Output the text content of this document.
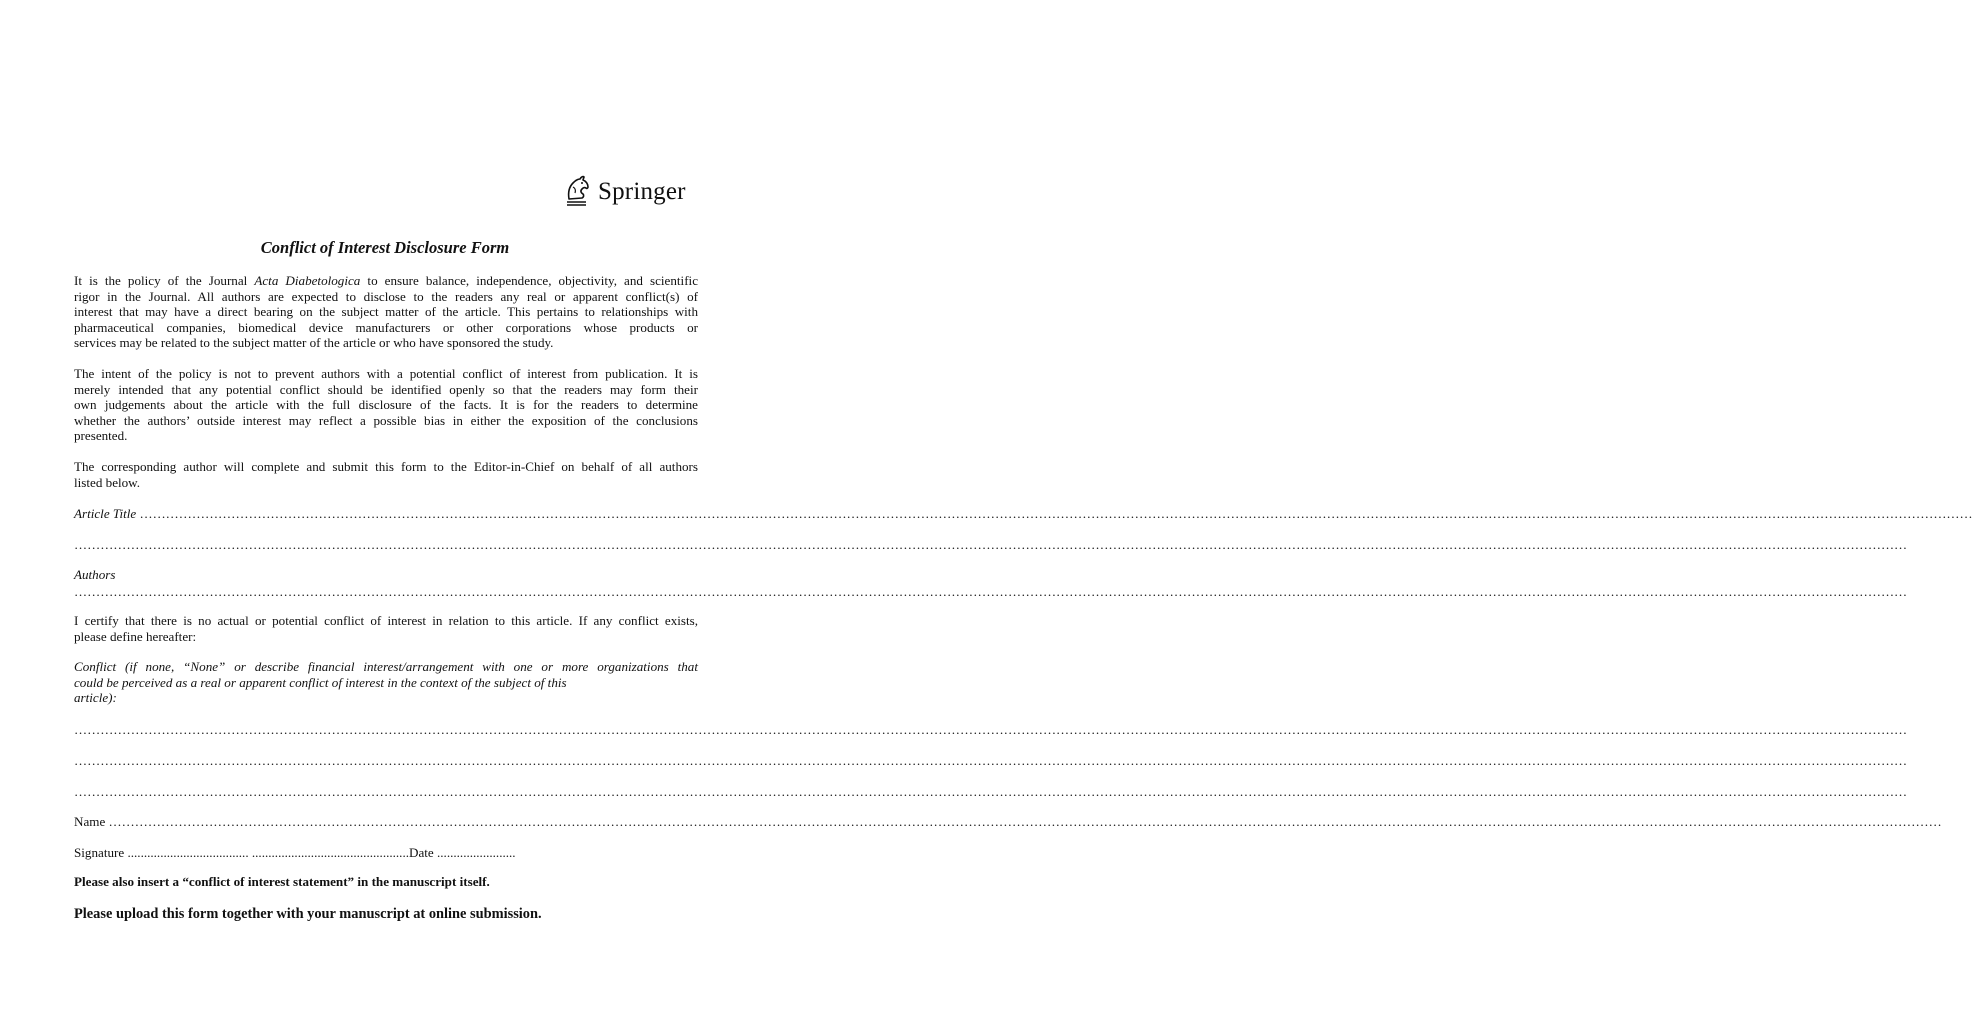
Springer
Conflict of Interest Disclosure Form
It is the policy of the Journal Acta Diabetologica to ensure balance, independence, objectivity, and scientific
rigor in the Journal. All authors are expected to disclose to the readers any real or apparent conflict(s) of
interest that may have a direct bearing on the subject matter of the article. This pertains to relationships with
pharmaceutical companies, biomedical device manufacturers or other corporations whose products or
services may be related to the subject matter of the article or who have sponsored the study.
The intent of the policy is not to prevent authors with a potential conflict of interest from publication. It is
merely intended that any potential conflict should be identified openly so that the readers may form their
own judgements about the article with the full disclosure of the facts. It is for the readers to determine
whether the authors’ outside interest may reflect a possible bias in either the exposition of the conclusions
presented.
The corresponding author will complete and submit this form to the Editor-in-Chief on behalf of all authors
listed below.
Article Title ……………………………………………………………………………………………………………………………………………………………………………………………………………………………………………………………………………………………………………………………………………………………………………………
……………………………………………………………………………………………………………………………………………………………………………………………………………………………………………………………………………………………………………………………………………………………………………………
Authors
……………………………………………………………………………………………………………………………………………………………………………………………………………………………………………………………………………………………………………………………………………………………………………………
I certify that there is no actual or potential conflict of interest in relation to this article. If any conflict exists,
please define hereafter:
Conflict (if none, “None” or describe financial interest/arrangement with one or more organizations that
could be perceived as a real or apparent conflict of interest in the context of the subject of this
article):
……………………………………………………………………………………………………………………………………………………………………………………………………………………………………………………………………………………………………………………………………………………………………………………
……………………………………………………………………………………………………………………………………………………………………………………………………………………………………………………………………………………………………………………………………………………………………………………
……………………………………………………………………………………………………………………………………………………………………………………………………………………………………………………………………………………………………………………………………………………………………………………
Name ……………………………………………………………………………………………………………………………………………………………………………………………………………………………………………………………………………………………………………………………………………………………………………………
Signature ..................................... ................................................Date ........................
Please also insert a “conflict of interest statement” in the manuscript itself.
Please upload this form together with your manuscript at online submission.
